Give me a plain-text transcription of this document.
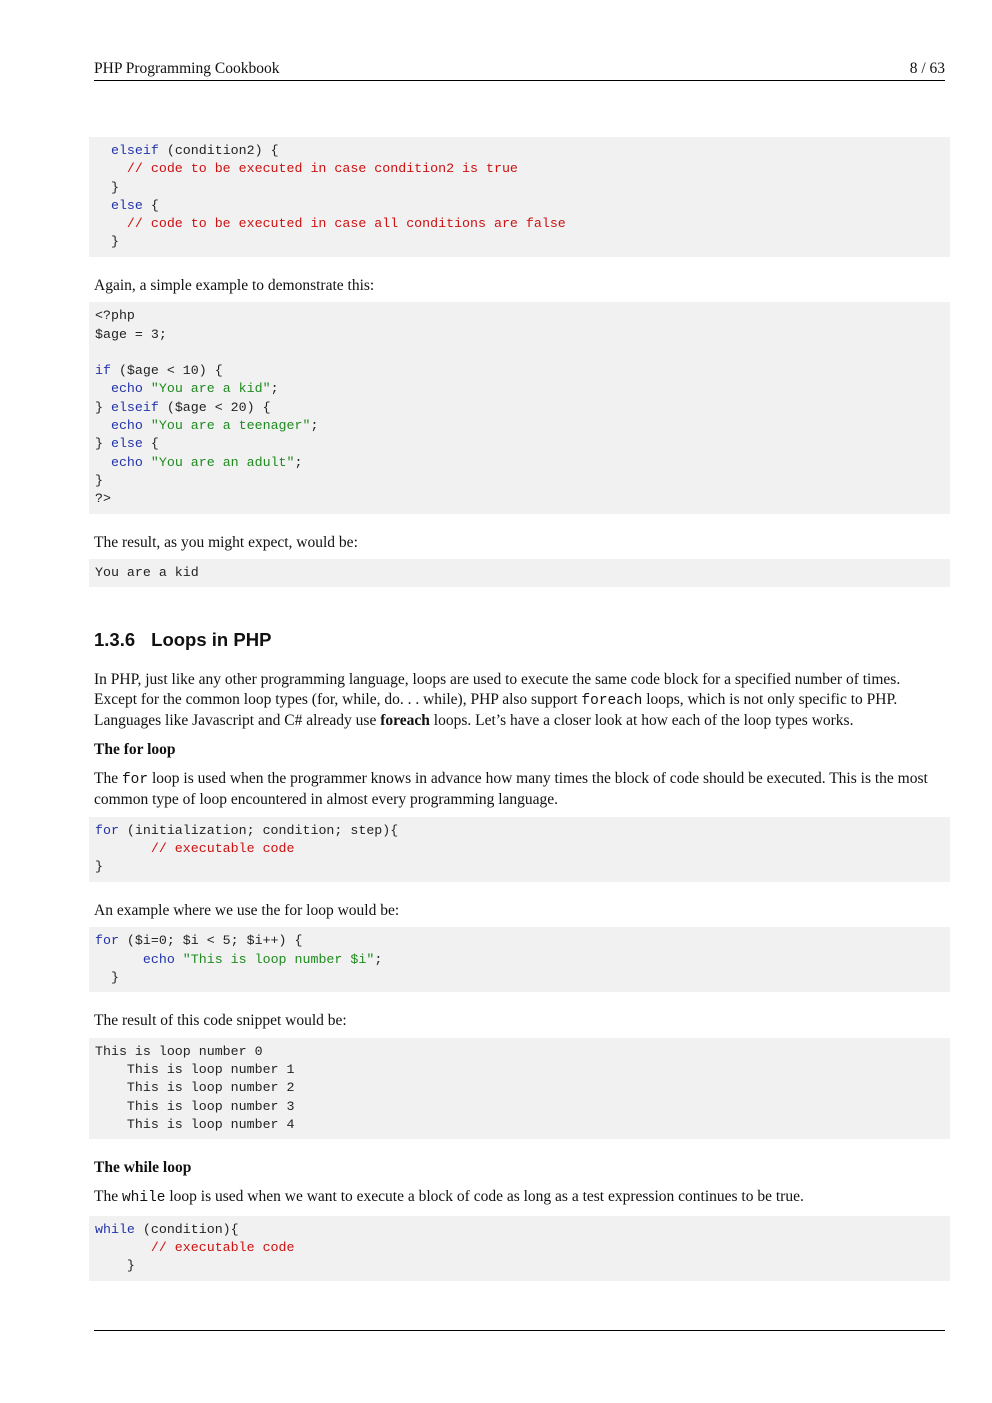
PHP Programming Cookbook	8 / 63
elseif (condition2) {
// code to be executed in case condition2 is true
}
else {
// code to be executed in case all conditions are false
}

Again, a simple example to demonstrate this:

<?php
$age = 3;

if ($age < 10) {
echo "You are a kid";
} elseif ($age < 20) {
echo "You are a teenager";
} else {
echo "You are an adult";
}
?>

The result, as you might expect, would be:

You are a kid
1.3.6 Loops in PHP

In PHP, just like any other programming language, loops are used to execute the same code block for a specified number of times. Except for the common loop types (for, while, do. . . while), PHP also support foreach loops, which is not only specific to PHP. Languages like Javascript and C# already use foreach loops. Let’s have a closer look at how each of the loop types works.

The for loop

The for loop is used when the programmer knows in advance how many times the block of code should be executed. This is the most common type of loop encountered in almost every programming language.

for (initialization; condition; step){
// executable code
}

An example where we use the for loop would be:

for ($i=0; $i < 5; $i++) {
echo "This is loop number $i";
}

The result of this code snippet would be:

This is loop number 0
This is loop number 1
This is loop number 2
This is loop number 3
This is loop number 4
The while loop

The while loop is used when we want to execute a block of code as long as a test expression continues to be true.

while (condition){
// executable code
}
